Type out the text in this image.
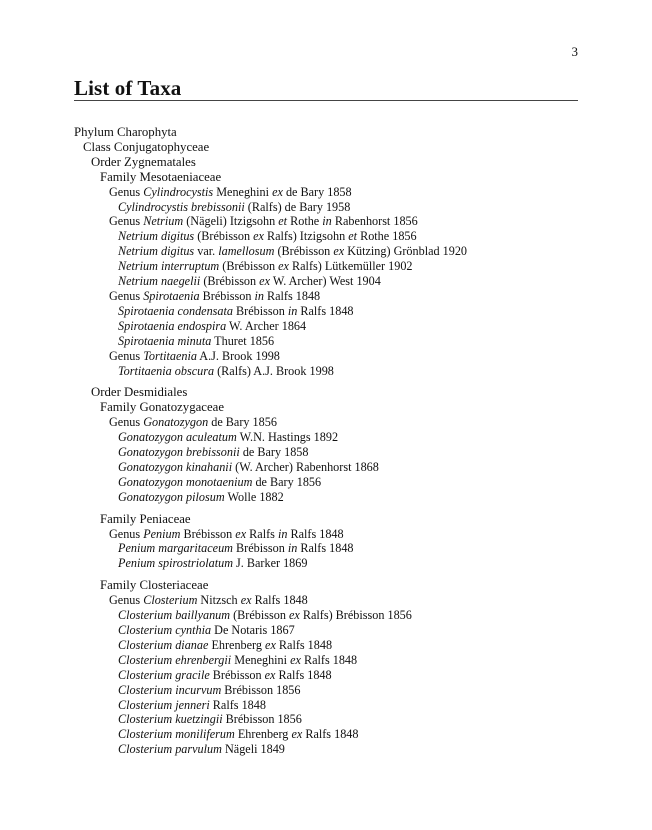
3
List of Taxa
Phylum Charophyta
Class Conjugatophyceae
Order Zygnematales
Family Mesotaeniaceae
Genus Cylindrocystis Meneghini ex de Bary 1858
Cylindrocystis brebissonii (Ralfs) de Bary 1958
Genus Netrium (Nägeli) Itzigsohn et Rothe in Rabenhorst 1856
Netrium digitus (Brébisson ex Ralfs) Itzigsohn et Rothe 1856
Netrium digitus var. lamellosum (Brébisson ex Kützing) Grönblad 1920
Netrium interruptum (Brébisson ex Ralfs) Lütkemüller 1902
Netrium naegelii (Brébisson ex W. Archer) West 1904
Genus Spirotaenia Brébisson in Ralfs 1848
Spirotaenia condensata Brébisson in Ralfs 1848
Spirotaenia endospira W. Archer 1864
Spirotaenia minuta Thuret 1856
Genus Tortitaenia A.J. Brook 1998
Tortitaenia obscura (Ralfs) A.J. Brook 1998
Order Desmidiales
Family Gonatozygaceae
Genus Gonatozygon de Bary 1856
Gonatozygon aculeatum W.N. Hastings 1892
Gonatozygon brebissonii de Bary 1858
Gonatozygon kinahanii (W. Archer) Rabenhorst 1868
Gonatozygon monotaenium de Bary 1856
Gonatozygon pilosum Wolle 1882
Family Peniaceae
Genus Penium Brébisson ex Ralfs in Ralfs 1848
Penium margaritaceum Brébisson in Ralfs 1848
Penium spirostriolatum J. Barker 1869
Family Closteriaceae
Genus Closterium Nitzsch ex Ralfs 1848
Closterium baillyanum (Brébisson ex Ralfs) Brébisson 1856
Closterium cynthia De Notaris 1867
Closterium dianae Ehrenberg ex Ralfs 1848
Closterium ehrenbergii Meneghini ex Ralfs 1848
Closterium gracile Brébisson ex Ralfs 1848
Closterium incurvum Brébisson 1856
Closterium jenneri Ralfs 1848
Closterium kuetzingii Brébisson 1856
Closterium moniliferum Ehrenberg ex Ralfs 1848
Closterium parvulum Nägeli 1849
